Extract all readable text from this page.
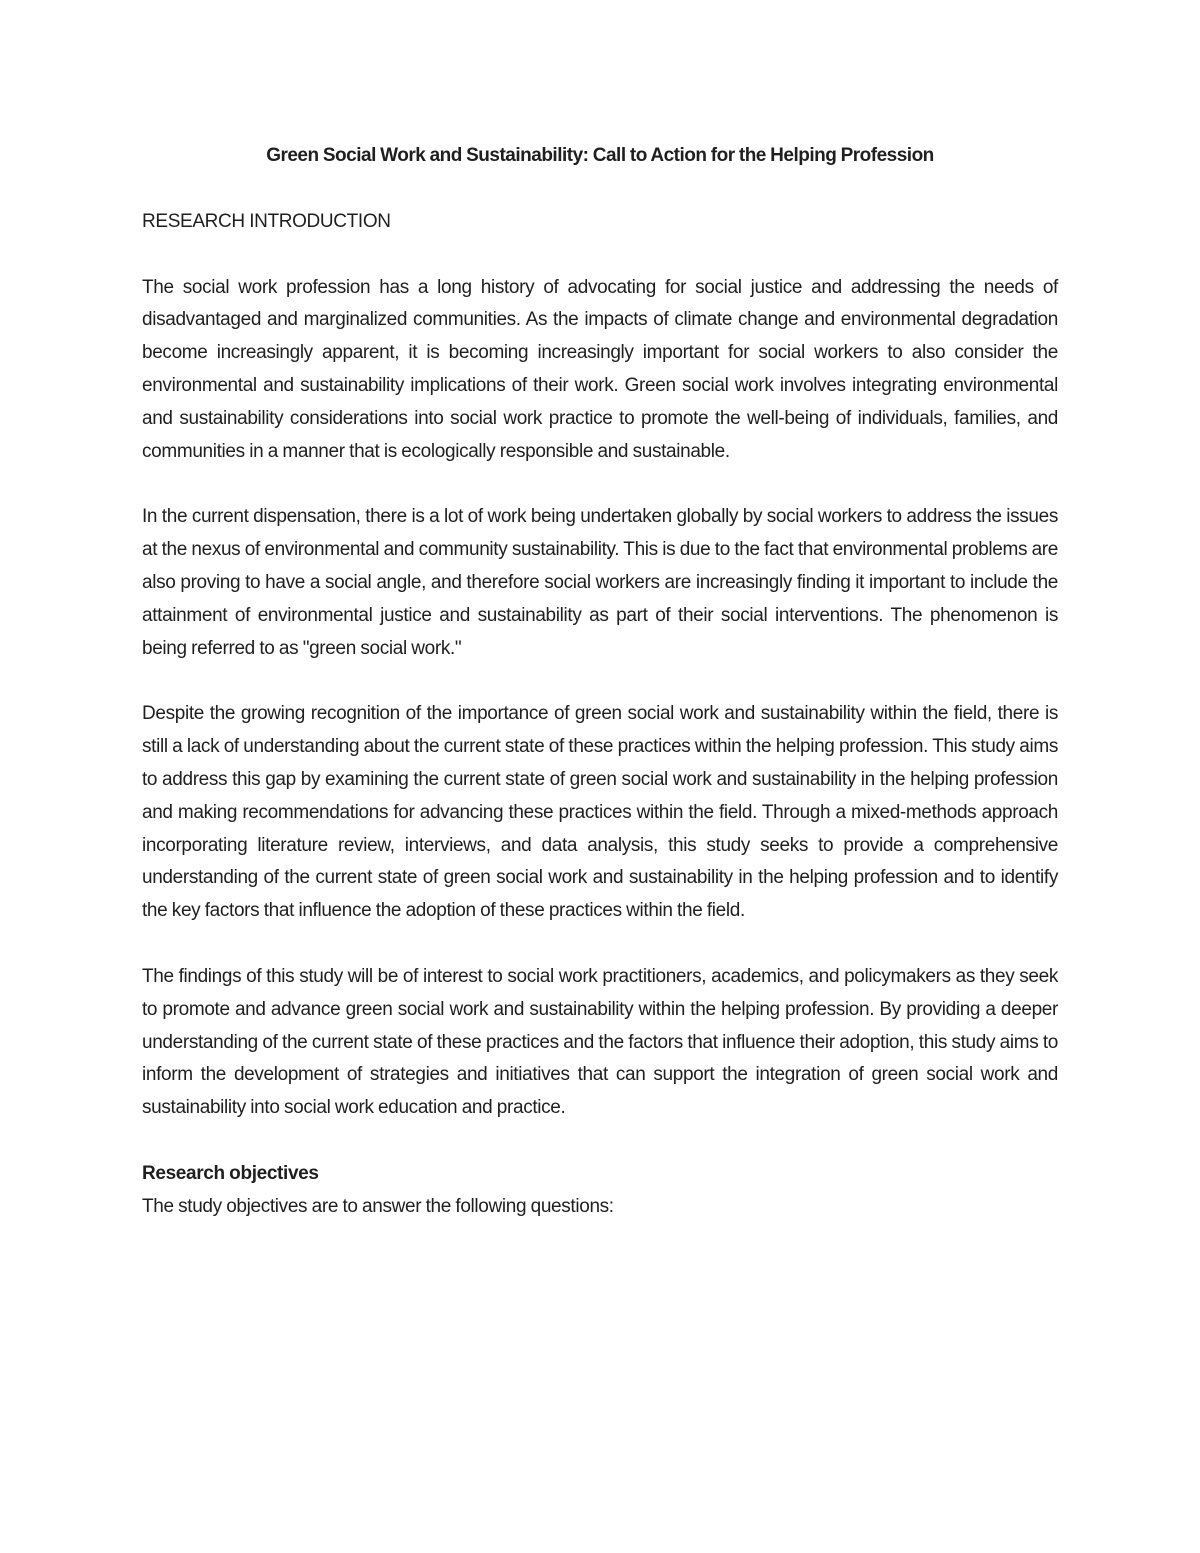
Green Social Work and Sustainability: Call to Action for the Helping Profession

RESEARCH INTRODUCTION

The social work profession has a long history of advocating for social justice and addressing the needs of disadvantaged and marginalized communities. As the impacts of climate change and environmental degradation become increasingly apparent, it is becoming increasingly important for social workers to also consider the environmental and sustainability implications of their work. Green social work involves integrating environmental and sustainability considerations into social work practice to promote the well-being of individuals, families, and communities in a manner that is ecologically responsible and sustainable.

In the current dispensation, there is a lot of work being undertaken globally by social workers to address the issues at the nexus of environmental and community sustainability. This is due to the fact that environmental problems are also proving to have a social angle, and therefore social workers are increasingly finding it important to include the attainment of environmental justice and sustainability as part of their social interventions. The phenomenon is being referred to as "green social work."

Despite the growing recognition of the importance of green social work and sustainability within the field, there is still a lack of understanding about the current state of these practices within the helping profession. This study aims to address this gap by examining the current state of green social work and sustainability in the helping profession and making recommendations for advancing these practices within the field. Through a mixed-methods approach incorporating literature review, interviews, and data analysis, this study seeks to provide a comprehensive understanding of the current state of green social work and sustainability in the helping profession and to identify the key factors that influence the adoption of these practices within the field.

The findings of this study will be of interest to social work practitioners, academics, and policymakers as they seek to promote and advance green social work and sustainability within the helping profession. By providing a deeper understanding of the current state of these practices and the factors that influence their adoption, this study aims to inform the development of strategies and initiatives that can support the integration of green social work and sustainability into social work education and practice.

Research objectives

The study objectives are to answer the following questions:
